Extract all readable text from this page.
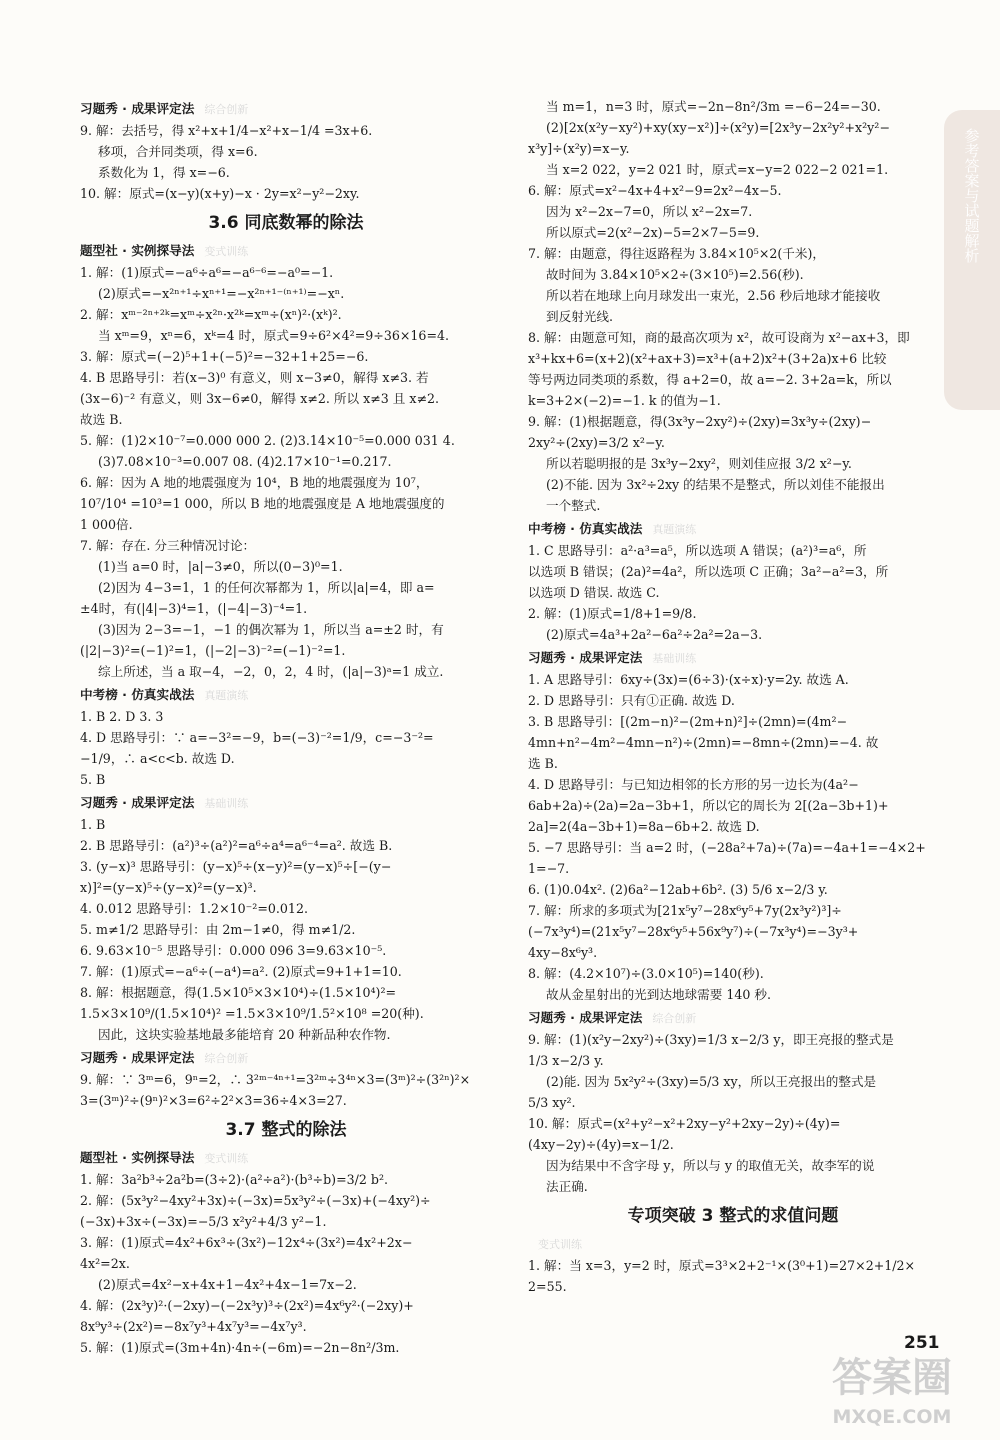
习题秀 · 成果评定法 综合创新
9. 解：去括号，得 x²+x+1/4−x²+x−1/4 =3x+6.
移项，合并同类项，得 x=6.
系数化为 1，得 x=−6.
10. 解：原式=(x−y)(x+y)−x · 2y=x²−y²−2xy.
3.6 同底数幂的除法
题型社 · 实例探导法 变式训练
1. 解：(1)原式=−a⁶÷a⁶=−a⁶⁻⁶=−a⁰=−1.
(2)原式=−x²ⁿ⁺¹÷xⁿ⁺¹=−x²ⁿ⁺¹⁻⁽ⁿ⁺¹⁾=−xⁿ.
2. 解：xᵐ⁻²ⁿ⁺²ᵏ=xᵐ÷x²ⁿ·x²ᵏ=xᵐ÷(xⁿ)²·(xᵏ)².
当 xᵐ=9，xⁿ=6，xᵏ=4 时，原式=9÷6²×4²=9÷36×16=4.
3. 解：原式=(−2)⁵+1+(−5)²=−32+1+25=−6.
4. B 思路导引：若(x−3)⁰ 有意义，则 x−3≠0，解得 x≠3. 若
(3x−6)⁻² 有意义，则 3x−6≠0，解得 x≠2. 所以 x≠3 且 x≠2.
故选 B.
5. 解：(1)2×10⁻⁷=0.000 000 2. (2)3.14×10⁻⁵=0.000 031 4.
(3)7.08×10⁻³=0.007 08. (4)2.17×10⁻¹=0.217.
6. 解：因为 A 地的地震强度为 10⁴，B 地的地震强度为 10⁷，
10⁷/10⁴ =10³=1 000，所以 B 地的地震强度是 A 地地震强度的
1 000倍.
7. 解：存在. 分三种情况讨论：
(1)当 a=0 时，|a|−3≠0，所以(0−3)⁰=1.
(2)因为 4−3=1，1 的任何次幂都为 1，所以|a|=4，即 a=
±4时，有(|4|−3)⁴=1，(|−4|−3)⁻⁴=1.
(3)因为 2−3=−1，−1 的偶次幂为 1，所以当 a=±2 时，有
(|2|−3)²=(−1)²=1，(|−2|−3)⁻²=(−1)⁻²=1.
综上所述，当 a 取−4，−2，0，2，4 时，(|a|−3)ᵃ=1 成立.
中考榜 · 仿真实战法 真题演练
1. B 2. D 3. 3
4. D 思路导引：∵ a=−3²=−9，b=(−3)⁻²=1/9，c=−3⁻²=
−1/9，∴ a<c<b. 故选 D.
5. B
习题秀 · 成果评定法 基础训练
1. B
2. B 思路导引：(a²)³÷(a²)²=a⁶÷a⁴=a⁶⁻⁴=a². 故选 B.
3. (y−x)³ 思路导引：(y−x)⁵÷(x−y)²=(y−x)⁵÷[−(y−
x)]²=(y−x)⁵÷(y−x)²=(y−x)³.
4. 0.012 思路导引：1.2×10⁻²=0.012.
5. m≠1/2 思路导引：由 2m−1≠0，得 m≠1/2.
6. 9.63×10⁻⁵ 思路导引：0.000 096 3=9.63×10⁻⁵.
7. 解：(1)原式=−a⁶÷(−a⁴)=a². (2)原式=9+1+1=10.
8. 解：根据题意，得(1.5×10⁵×3×10⁴)÷(1.5×10⁴)²=
1.5×3×10⁹/(1.5×10⁴)² =1.5×3×10⁹/1.5²×10⁸ =20(种).
因此，这块实验基地最多能培育 20 种新品种农作物.
习题秀 · 成果评定法 综合创新
9. 解：∵ 3ᵐ=6，9ⁿ=2，∴ 3²ᵐ⁻⁴ⁿ⁺¹=3²ᵐ÷3⁴ⁿ×3=(3ᵐ)²÷(3²ⁿ)²×
3=(3ᵐ)²÷(9ⁿ)²×3=6²÷2²×3=36÷4×3=27.
3.7 整式的除法
题型社 · 实例探导法 变式训练
1. 解：3a²b³÷2a²b=(3÷2)·(a²÷a²)·(b³÷b)=3/2 b².
2. 解：(5x³y²−4xy²+3x)÷(−3x)=5x³y²÷(−3x)+(−4xy²)÷
(−3x)+3x÷(−3x)=−5/3 x²y²+4/3 y²−1.
3. 解：(1)原式=4x²+6x³÷(3x²)−12x⁴÷(3x²)=4x²+2x−
4x²=2x.
(2)原式=4x²−x+4x+1−4x²+4x−1=7x−2.
4. 解：(2x³y)²·(−2xy)−(−2x³y)³÷(2x²)=4x⁶y²·(−2xy)+
8x⁹y³÷(2x²)=−8x⁷y³+4x⁷y³=−4x⁷y³.
5. 解：(1)原式=(3m+4n)·4n÷(−6m)=−2n−8n²/3m.
当 m=1，n=3 时，原式=−2n−8n²/3m =−6−24=−30.
(2)[2x(x²y−xy²)+xy(xy−x²)]÷(x²y)=[2x³y−2x²y²+x²y²−
x³y]÷(x²y)=x−y.
当 x=2 022，y=2 021 时，原式=x−y=2 022−2 021=1.
6. 解：原式=x²−4x+4+x²−9=2x²−4x−5.
因为 x²−2x−7=0，所以 x²−2x=7.
所以原式=2(x²−2x)−5=2×7−5=9.
7. 解：由题意，得往返路程为 3.84×10⁵×2(千米)，
故时间为 3.84×10⁵×2÷(3×10⁵)=2.56(秒).
所以若在地球上向月球发出一束光，2.56 秒后地球才能接收
到反射光线.
8. 解：由题意可知，商的最高次项为 x²，故可设商为 x²−ax+3，即
x³+kx+6=(x+2)(x²+ax+3)=x³+(a+2)x²+(3+2a)x+6 比较
等号两边同类项的系数，得 a+2=0，故 a=−2. 3+2a=k，所以
k=3+2×(−2)=−1. k 的值为−1.
9. 解：(1)根据题意，得(3x³y−2xy²)÷(2xy)=3x³y÷(2xy)−
2xy²÷(2xy)=3/2 x²−y.
所以若聪明报的是 3x³y−2xy²，则刘佳应报 3/2 x²−y.
(2)不能. 因为 3x²÷2xy 的结果不是整式，所以刘佳不能报出
一个整式.
中考榜 · 仿真实战法 真题演练
1. C 思路导引：a²·a³=a⁵，所以选项 A 错误；(a²)³=a⁶，所
以选项 B 错误；(2a)²=4a²，所以选项 C 正确；3a²−a²=3，所
以选项 D 错误. 故选 C.
2. 解：(1)原式=1/8+1=9/8.
(2)原式=4a³+2a²−6a²÷2a²=2a−3.
习题秀 · 成果评定法 基础训练
1. A 思路导引：6xy÷(3x)=(6÷3)·(x÷x)·y=2y. 故选 A.
2. D 思路导引：只有①正确. 故选 D.
3. B 思路导引：[(2m−n)²−(2m+n)²]÷(2mn)=(4m²−
4mn+n²−4m²−4mn−n²)÷(2mn)=−8mn÷(2mn)=−4. 故
选 B.
4. D 思路导引：与已知边相邻的长方形的另一边长为(4a²−
6ab+2a)÷(2a)=2a−3b+1，所以它的周长为 2[(2a−3b+1)+
2a]=2(4a−3b+1)=8a−6b+2. 故选 D.
5. −7 思路导引：当 a=2 时，(−28a²+7a)÷(7a)=−4a+1=−4×2+
1=−7.
6. (1)0.04x². (2)6a²−12ab+6b². (3) 5/6 x−2/3 y.
7. 解：所求的多项式为[21x⁵y⁷−28x⁶y⁵+7y(2x³y²)³]÷
(−7x³y⁴)=(21x⁵y⁷−28x⁶y⁵+56x⁹y⁷)÷(−7x³y⁴)=−3y³+
4xy−8x⁶y³.
8. 解：(4.2×10⁷)÷(3.0×10⁵)=140(秒).
故从金星射出的光到达地球需要 140 秒.
习题秀 · 成果评定法 综合创新
9. 解：(1)(x²y−2xy²)÷(3xy)=1/3 x−2/3 y，即王亮报的整式是
1/3 x−2/3 y.
(2)能. 因为 5x²y²÷(3xy)=5/3 xy，所以王亮报出的整式是
5/3 xy².
10. 解：原式=(x²+y²−x²+2xy−y²+2xy−2y)÷(4y)=
(4xy−2y)÷(4y)=x−1/2.
因为结果中不含字母 y，所以与 y 的取值无关，故李军的说
法正确.
专项突破 3 整式的求值问题
变式训练
1. 解：当 x=3，y=2 时，原式=3³×2+2⁻¹×(3⁰+1)=27×2+1/2×
2=55.
参考答案与试题解析
251
答案圈
MXQE.COM
